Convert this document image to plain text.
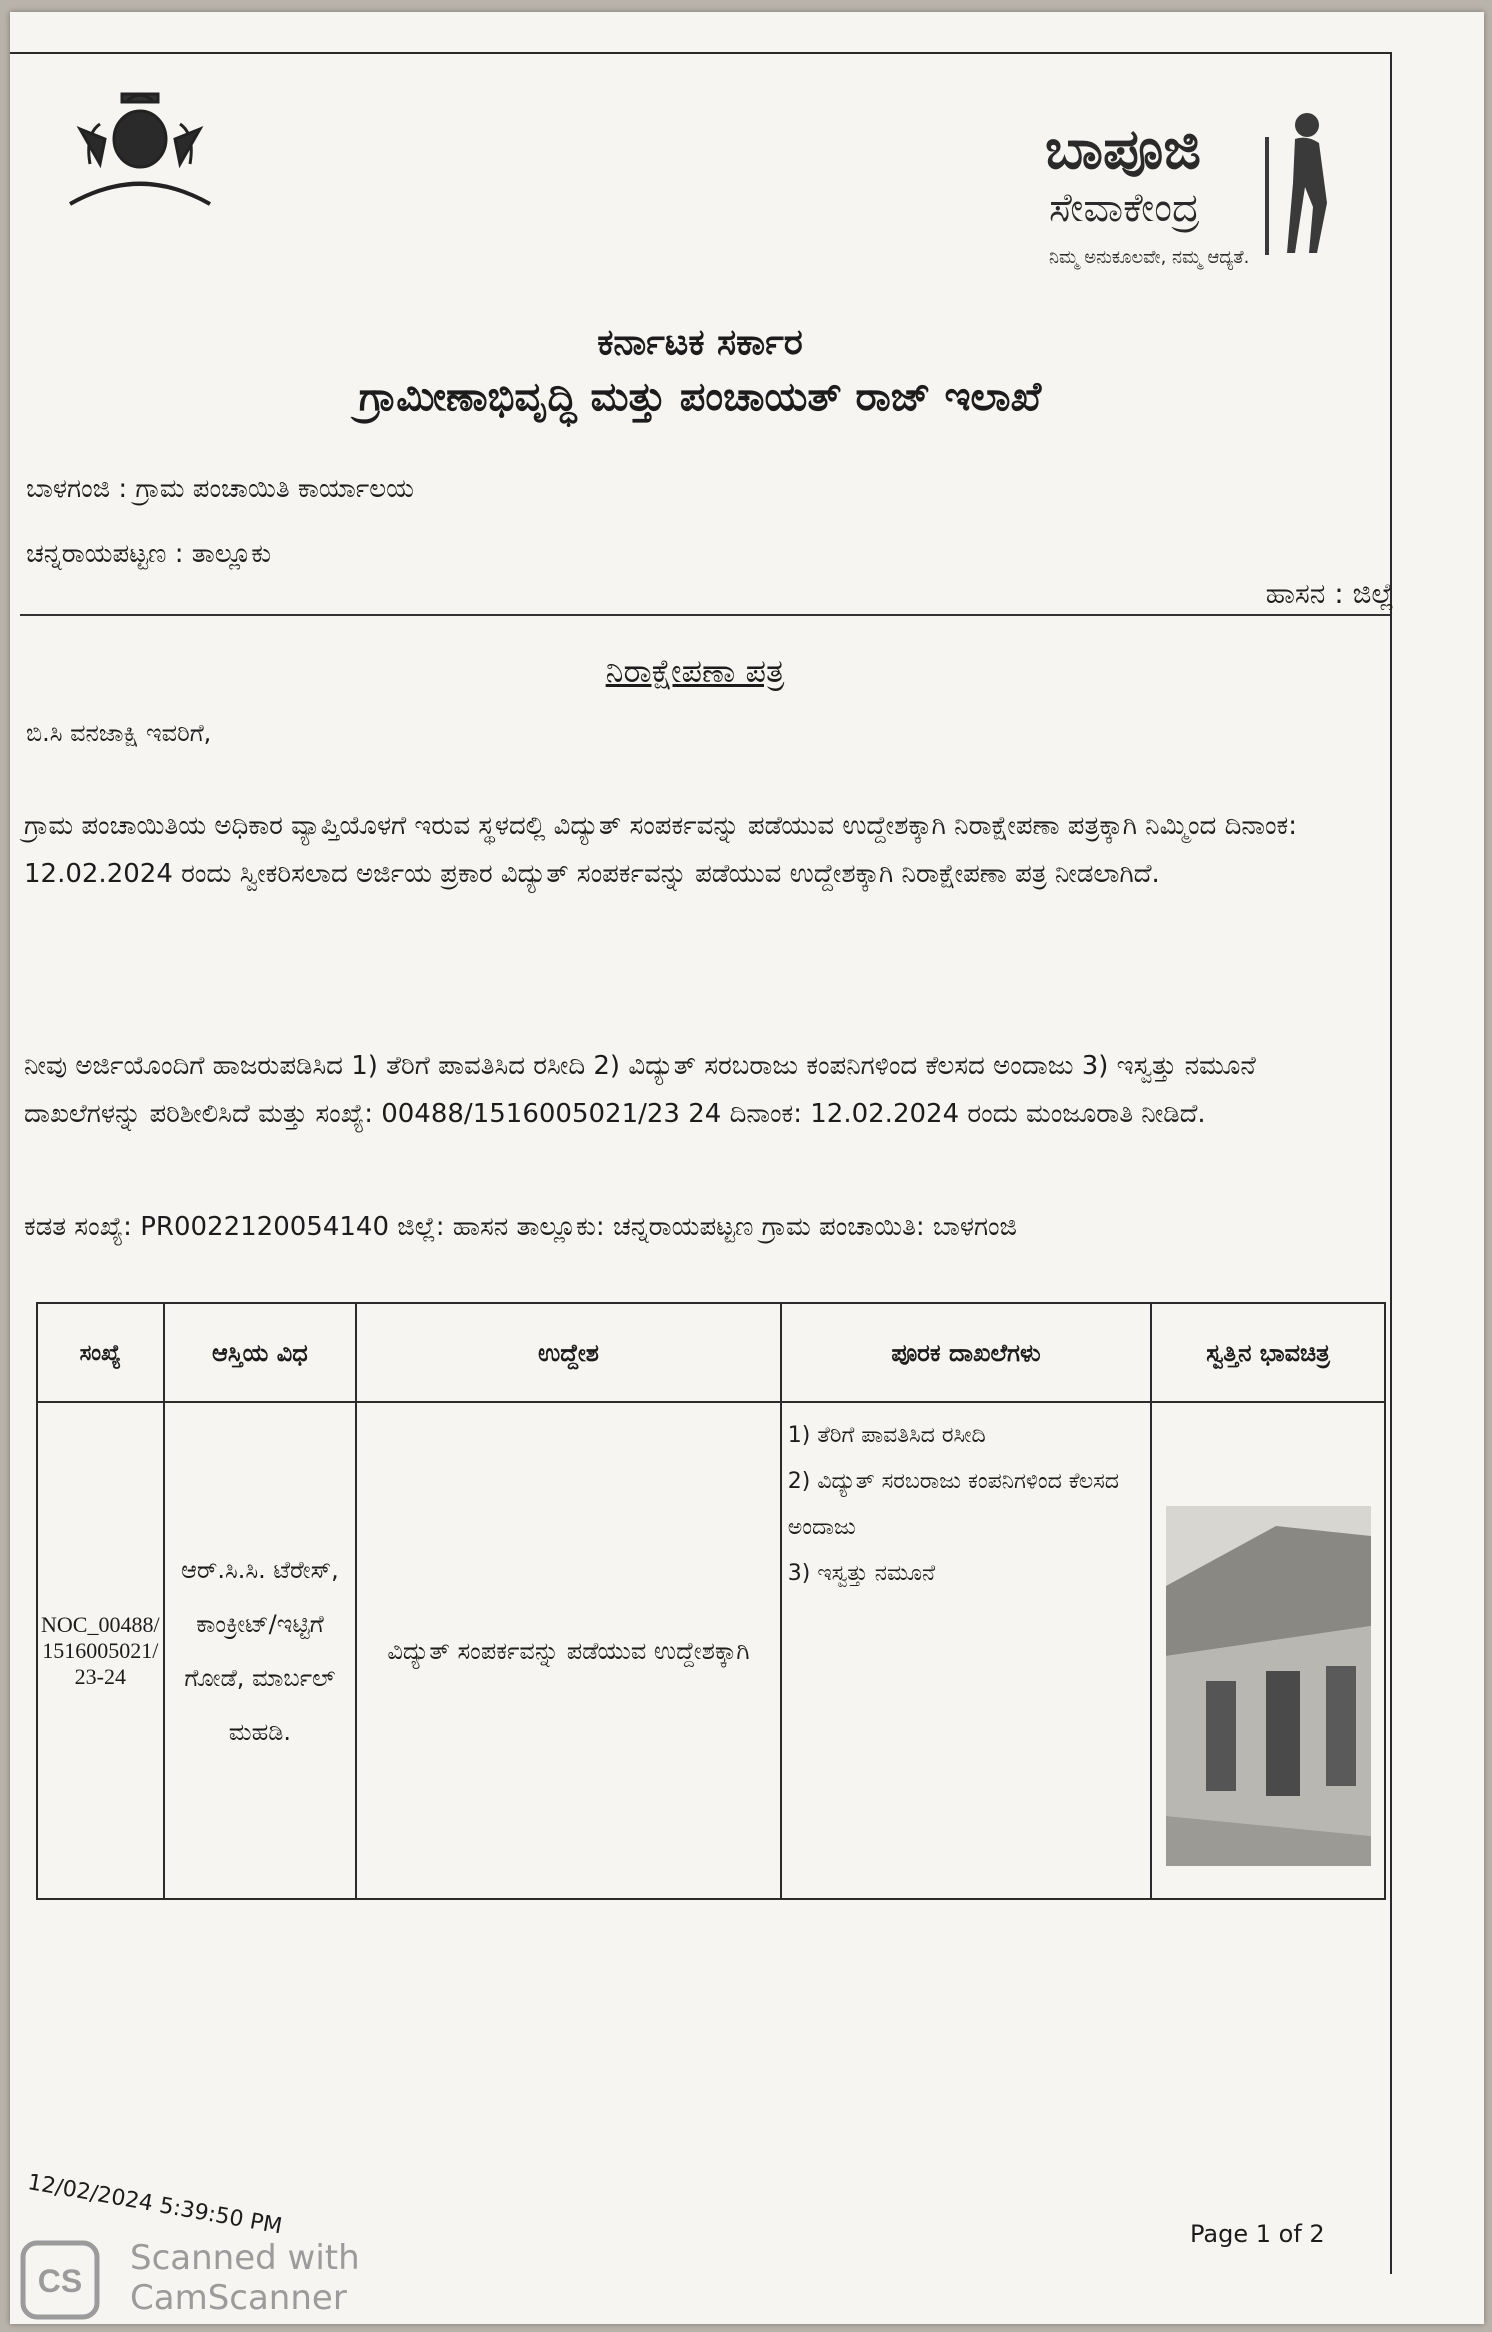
ಬಾಪೂಜಿ
ಸೇವಾಕೇಂದ್ರ
ನಿಮ್ಮ ಅನುಕೂಲವೇ, ನಮ್ಮ ಆದ್ಯತೆ.
ಕರ್ನಾಟಕ ಸರ್ಕಾರ
ಗ್ರಾಮೀಣಾಭಿವೃದ್ಧಿ ಮತ್ತು ಪಂಚಾಯತ್ ರಾಜ್ ಇಲಾಖೆ
ಬಾಳಗಂಜಿ : ಗ್ರಾಮ ಪಂಚಾಯಿತಿ ಕಾರ್ಯಾಲಯ
ಚನ್ನರಾಯಪಟ್ಟಣ : ತಾಲ್ಲೂಕು
ಹಾಸನ : ಜಿಲ್ಲೆ
ನಿರಾಕ್ಷೇಪಣಾ ಪತ್ರ
ಬಿ.ಸಿ ವನಜಾಕ್ಷಿ ಇವರಿಗೆ,
ಗ್ರಾಮ ಪಂಚಾಯಿತಿಯ ಅಧಿಕಾರ ವ್ಯಾಪ್ತಿಯೊಳಗೆ ಇರುವ ಸ್ಥಳದಲ್ಲಿ ವಿದ್ಯುತ್ ಸಂಪರ್ಕವನ್ನು ಪಡೆಯುವ ಉದ್ದೇಶಕ್ಕಾಗಿ ನಿರಾಕ್ಷೇಪಣಾ ಪತ್ರಕ್ಕಾಗಿ ನಿಮ್ಮಿಂದ ದಿನಾಂಕ: 12.02.2024 ರಂದು ಸ್ವೀಕರಿಸಲಾದ ಅರ್ಜಿಯ ಪ್ರಕಾರ ವಿದ್ಯುತ್ ಸಂಪರ್ಕವನ್ನು ಪಡೆಯುವ ಉದ್ದೇಶಕ್ಕಾಗಿ ನಿರಾಕ್ಷೇಪಣಾ ಪತ್ರ ನೀಡಲಾಗಿದೆ.
ನೀವು ಅರ್ಜಿಯೊಂದಿಗೆ ಹಾಜರುಪಡಿಸಿದ 1) ತೆರಿಗೆ ಪಾವತಿಸಿದ ರಸೀದಿ 2) ವಿದ್ಯುತ್ ಸರಬರಾಜು ಕಂಪನಿಗಳಿಂದ ಕೆಲಸದ ಅಂದಾಜು 3) ಇಸ್ವತ್ತು ನಮೂನೆ ದಾಖಲೆಗಳನ್ನು ಪರಿಶೀಲಿಸಿದೆ ಮತ್ತು ಸಂಖ್ಯೆ: 00488/1516005021/23 24 ದಿನಾಂಕ: 12.02.2024 ರಂದು ಮಂಜೂರಾತಿ ನೀಡಿದೆ.
ಕಡತ ಸಂಖ್ಯೆ: PR0022120054140 ಜಿಲ್ಲೆ: ಹಾಸನ ತಾಲ್ಲೂಕು: ಚನ್ನರಾಯಪಟ್ಟಣ ಗ್ರಾಮ ಪಂಚಾಯಿತಿ: ಬಾಳಗಂಜಿ
ಸಂಖ್ಯೆ	ಆಸ್ತಿಯ ವಿಧ	ಉದ್ದೇಶ	ಪೂರಕ ದಾಖಲೆಗಳು	ಸ್ವತ್ತಿನ ಭಾವಚಿತ್ರ
NOC_00488/1516005021/23-24	ಆರ್.ಸಿ.ಸಿ. ಟೆರೇಸ್, ಕಾಂಕ್ರೀಟ್/ಇಟ್ಟಿಗೆ ಗೋಡೆ, ಮಾರ್ಬಲ್ ಮಹಡಿ.	ವಿದ್ಯುತ್ ಸಂಪರ್ಕವನ್ನು ಪಡೆಯುವ ಉದ್ದೇಶಕ್ಕಾಗಿ	1) ತೆರಿಗೆ ಪಾವತಿಸಿದ ರಸೀದಿ
2) ವಿದ್ಯುತ್ ಸರಬರಾಜು ಕಂಪನಿಗಳಿಂದ ಕೆಲಸದ ಅಂದಾಜು
3) ಇಸ್ವತ್ತು ನಮೂನೆ

12/02/2024 5:39:50 PM	Page 1 of 2
CS
Scanned with
CamScanner
